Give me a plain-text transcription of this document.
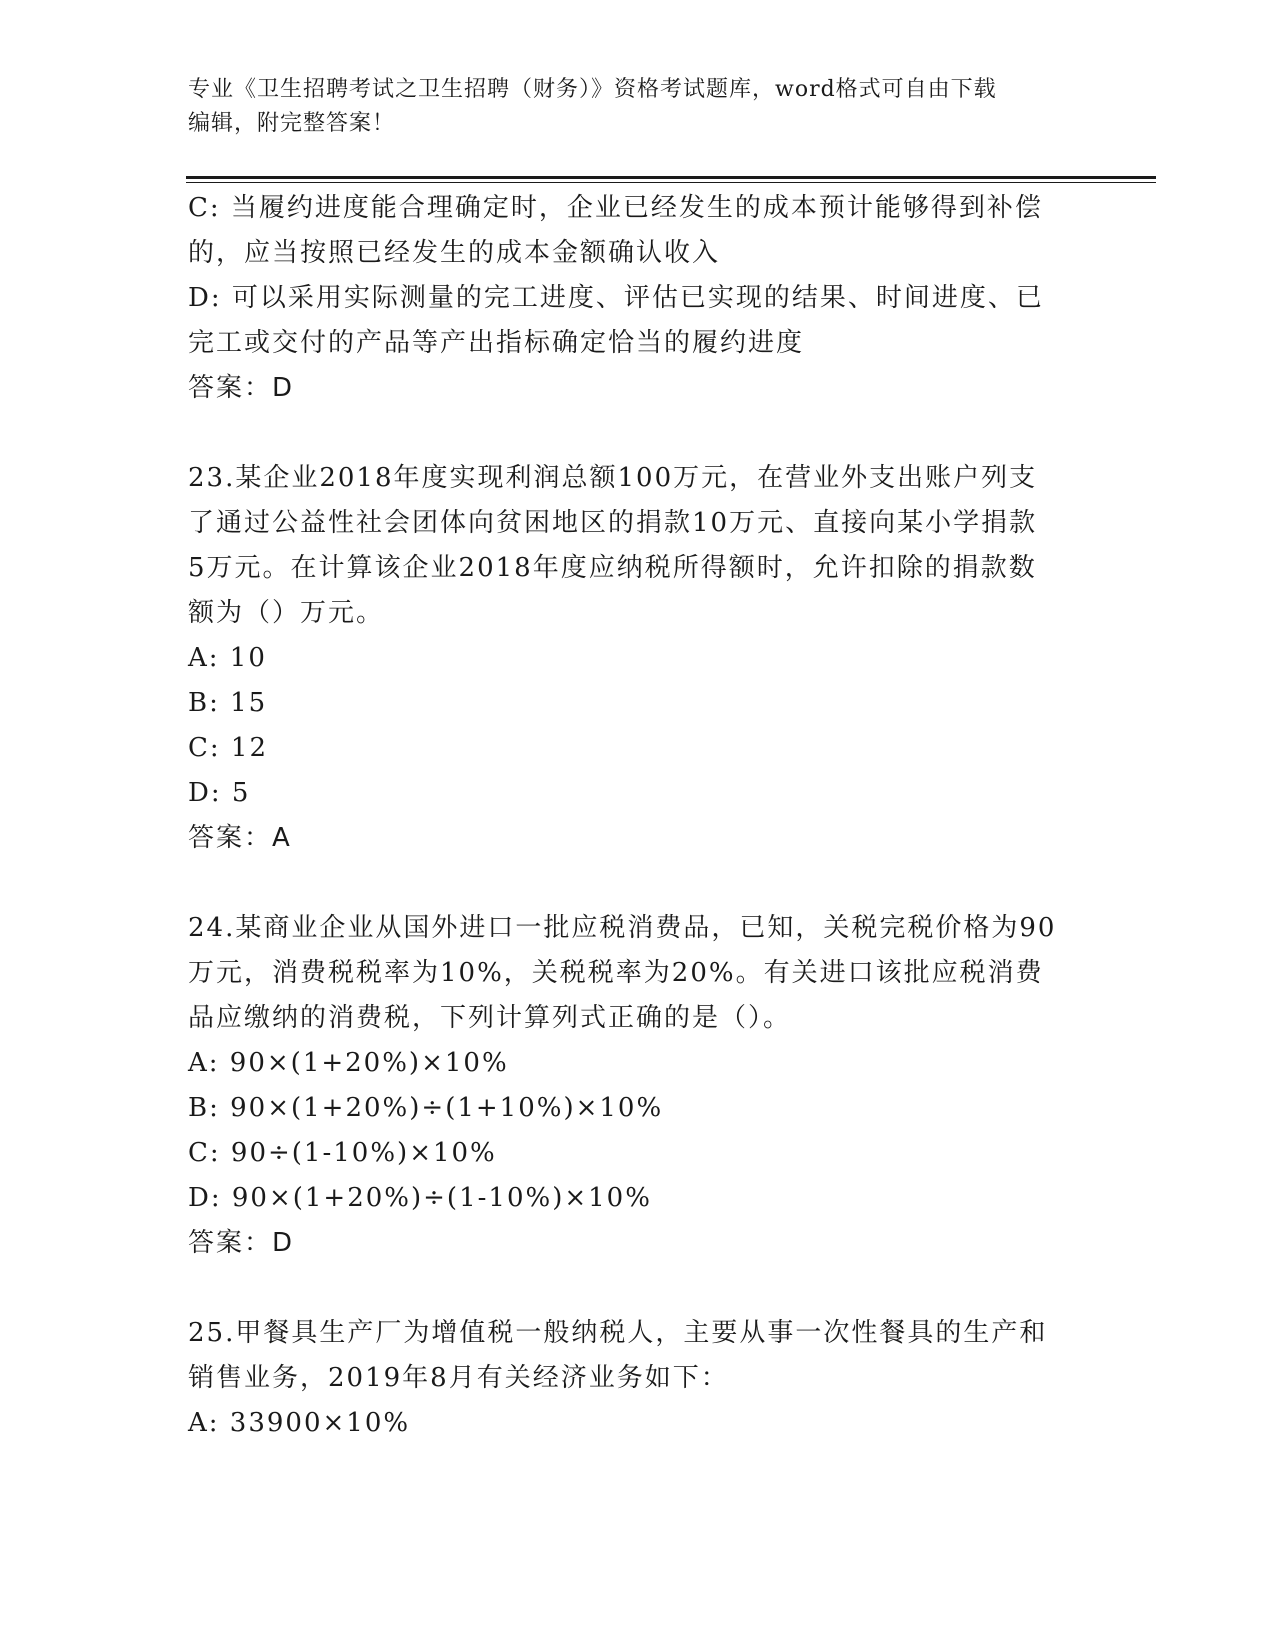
专业《卫生招聘考试之卫生招聘（财务）》资格考试题库，word格式可自由下载
编辑，附完整答案！
C: 当履约进度能合理确定时，企业已经发生的成本预计能够得到补偿
的，应当按照已经发生的成本金额确认收入
D: 可以采用实际测量的完工进度、评估已实现的结果、时间进度、已
完工或交付的产品等产出指标确定恰当的履约进度
答案：D
23.某企业2018年度实现利润总额100万元，在营业外支出账户列支
了通过公益性社会团体向贫困地区的捐款10万元、直接向某小学捐款
5万元。在计算该企业2018年度应纳税所得额时，允许扣除的捐款数
额为（）万元。
A: 10
B: 15
C: 12
D: 5
答案：A
24.某商业企业从国外进口一批应税消费品，已知，关税完税价格为90
万元，消费税税率为10%，关税税率为20%。有关进口该批应税消费
品应缴纳的消费税，下列计算列式正确的是（）。
A: 90×(1+20%)×10%
B: 90×(1+20%)÷(1+10%)×10%
C: 90÷(1-10%)×10%
D: 90×(1+20%)÷(1-10%)×10%
答案：D
25.甲餐具生产厂为增值税一般纳税人，主要从事一次性餐具的生产和
销售业务，2019年8月有关经济业务如下：
A: 33900×10%
